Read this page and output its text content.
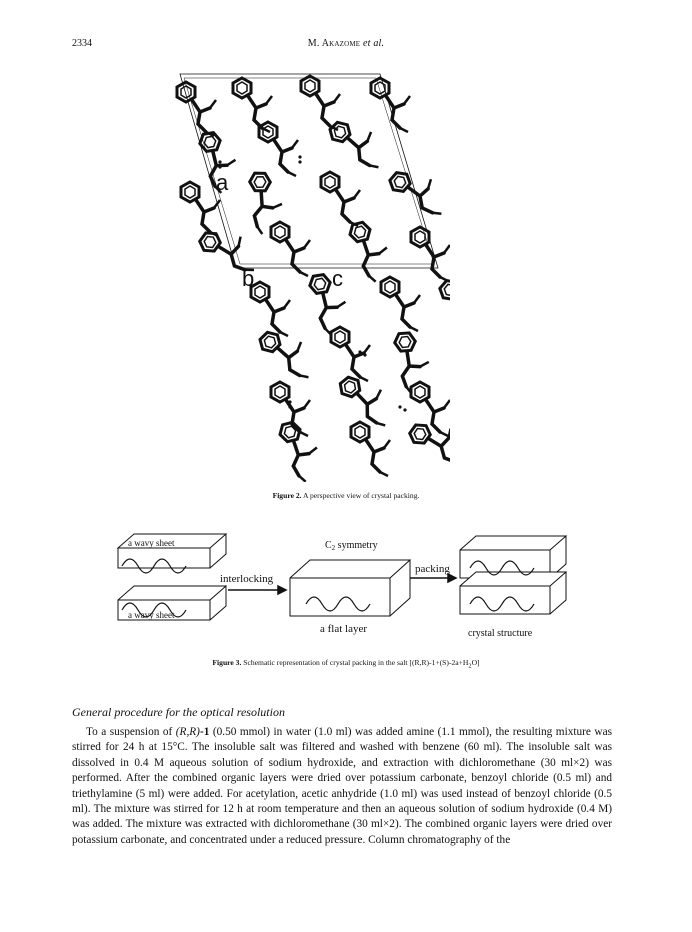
2334	M. Akazome et al.
a
b	c
Figure 2. A perspective view of crystal packing.
a wavy sheet
a wavy sheet
interlocking
$C_2$ symmetry
a flat layer
packing
crystal structure
Figure 3. Schematic representation of crystal packing in the salt $[(R,R)-1+(S)-2a+H_2O]$
General procedure for the optical resolution

To a suspension of (R,R)-1 (0.50 mmol) in water (1.0 ml) was added amine (1.1 mmol), the resulting mixture was stirred for 24 h at 15°C. The insoluble salt was filtered and washed with benzene (60 ml). The insoluble salt was dissolved in 0.4 M aqueous solution of sodium hydroxide, and extraction with dichloromethane (30 ml×2) was performed. After the combined organic layers were dried over potassium carbonate, benzoyl chloride (0.5 ml) and triethylamine (5 ml) were added. For acetylation, acetic anhydride (1.0 ml) was used instead of benzoyl chloride (0.5 ml). The mixture was stirred for 12 h at room temperature and then an aqueous solution of sodium hydroxide (0.4 M) was added. The mixture was extracted with dichloromethane (30 ml×2). The combined organic layers were dried over potassium carbonate, and concentrated under a reduced pressure. Column chromatography of the
